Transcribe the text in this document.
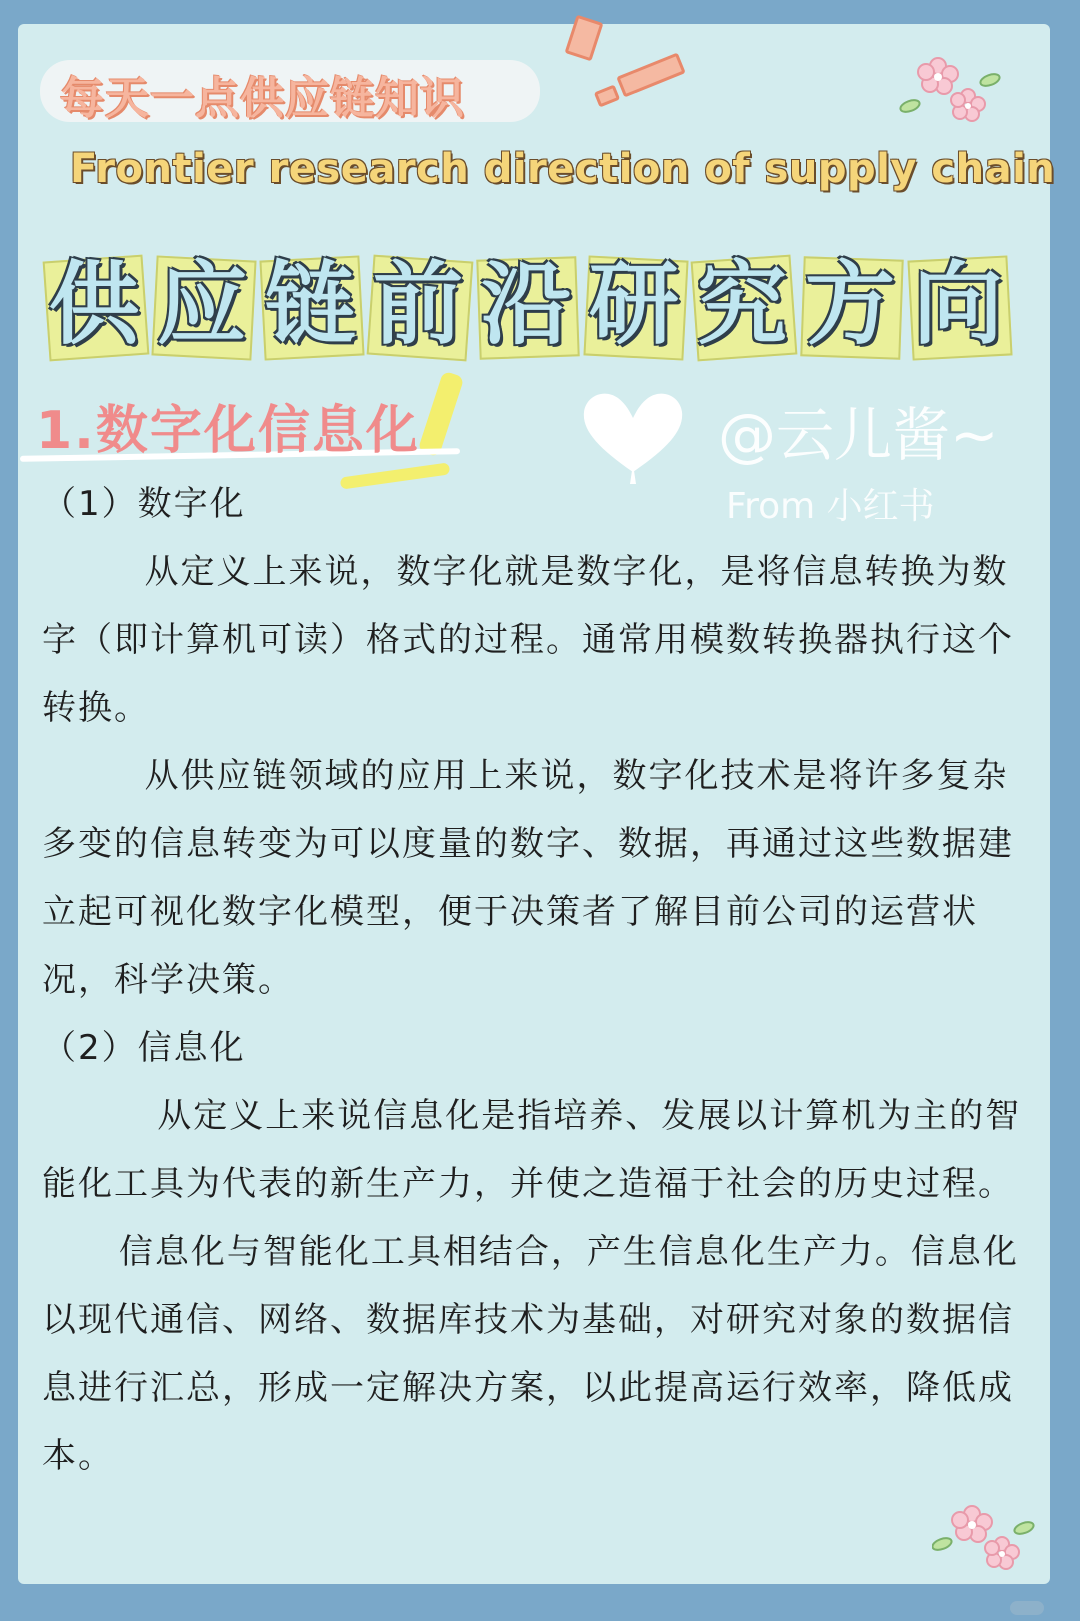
每天一点供应链知识
Frontier research direction of supply chain
供 应 链 前 沿 研 究 方 向
1.数字化信息化	@云儿酱~
From 小红书

（1）数字化

从定义上来说，数字化就是数字化，是将信息转换为数字（即计算机可读）格式的过程。通常用模数转换器执行这个转换。

从供应链领域的应用上来说，数字化技术是将许多复杂多变的信息转变为可以度量的数字、数据，再通过这些数据建立起可视化数字化模型，便于决策者了解目前公司的运营状况，科学决策。

（2）信息化

从定义上来说信息化是指培养、发展以计算机为主的智能化工具为代表的新生产力，并使之造福于社会的历史过程。

信息化与智能化工具相结合，产生信息化生产力。信息化以现代通信、网络、数据库技术为基础，对研究对象的数据信息进行汇总，形成一定解决方案，以此提高运行效率，降低成本。
